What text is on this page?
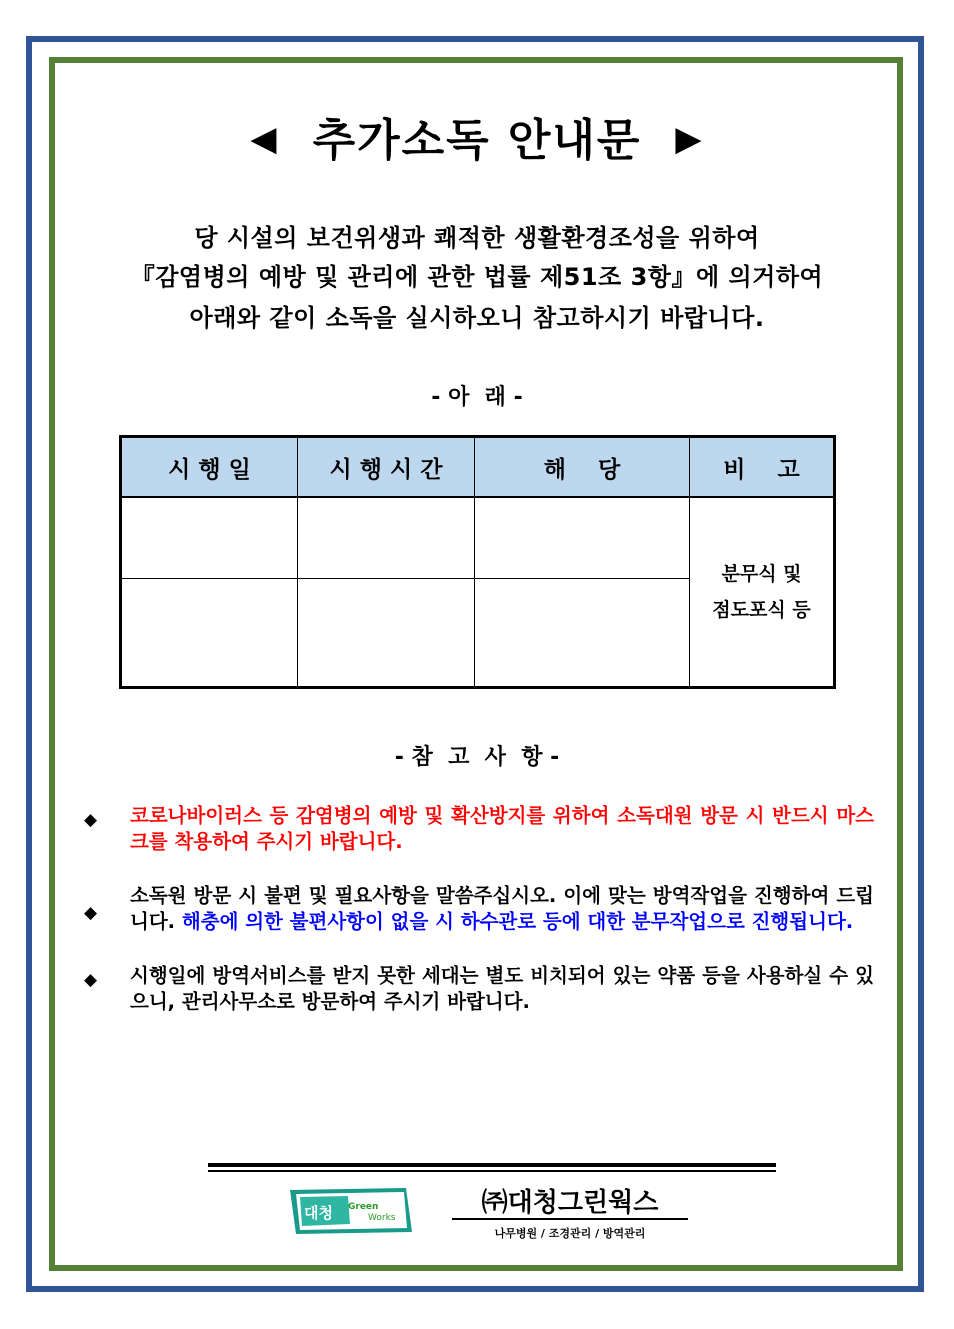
◀ 추가소독 안내문 ▶
당 시설의 보건위생과 쾌적한 생활환경조성을 위하여
『감염병의 예방 및 관리에 관한 법률 제51조 3항』에 의거하여
아래와 같이 소독을 실시하오니 참고하시기 바랍니다.
- 아  래 -
시 행 일	시 행 시 간	해    당	비    고

			분무식 및
점도포식 등

- 참  고  사  항 -
◆ 코로나바이러스 등 감염병의 예방 및 확산방지를 위하여 소독대원 방문 시 반드시 마스크를 착용하여 주시기 바랍니다.
◆
소독원 방문 시 불편 및 필요사항을 말씀주십시오. 이에 맞는 방역작업을 진행하여 드립니다. 해충에 의한 불편사항이 없을 시 하수관로 등에 대한 분무작업으로 진행됩니다.
◆ 시행일에 방역서비스를 받지 못한 세대는 별도 비치되어 있는 약품 등을 사용하실 수 있으니, 관리사무소로 방문하여 주시기 바랍니다.
대청 Green
Works	㈜대청그린웍스
나무병원 / 조경관리 / 방역관리
